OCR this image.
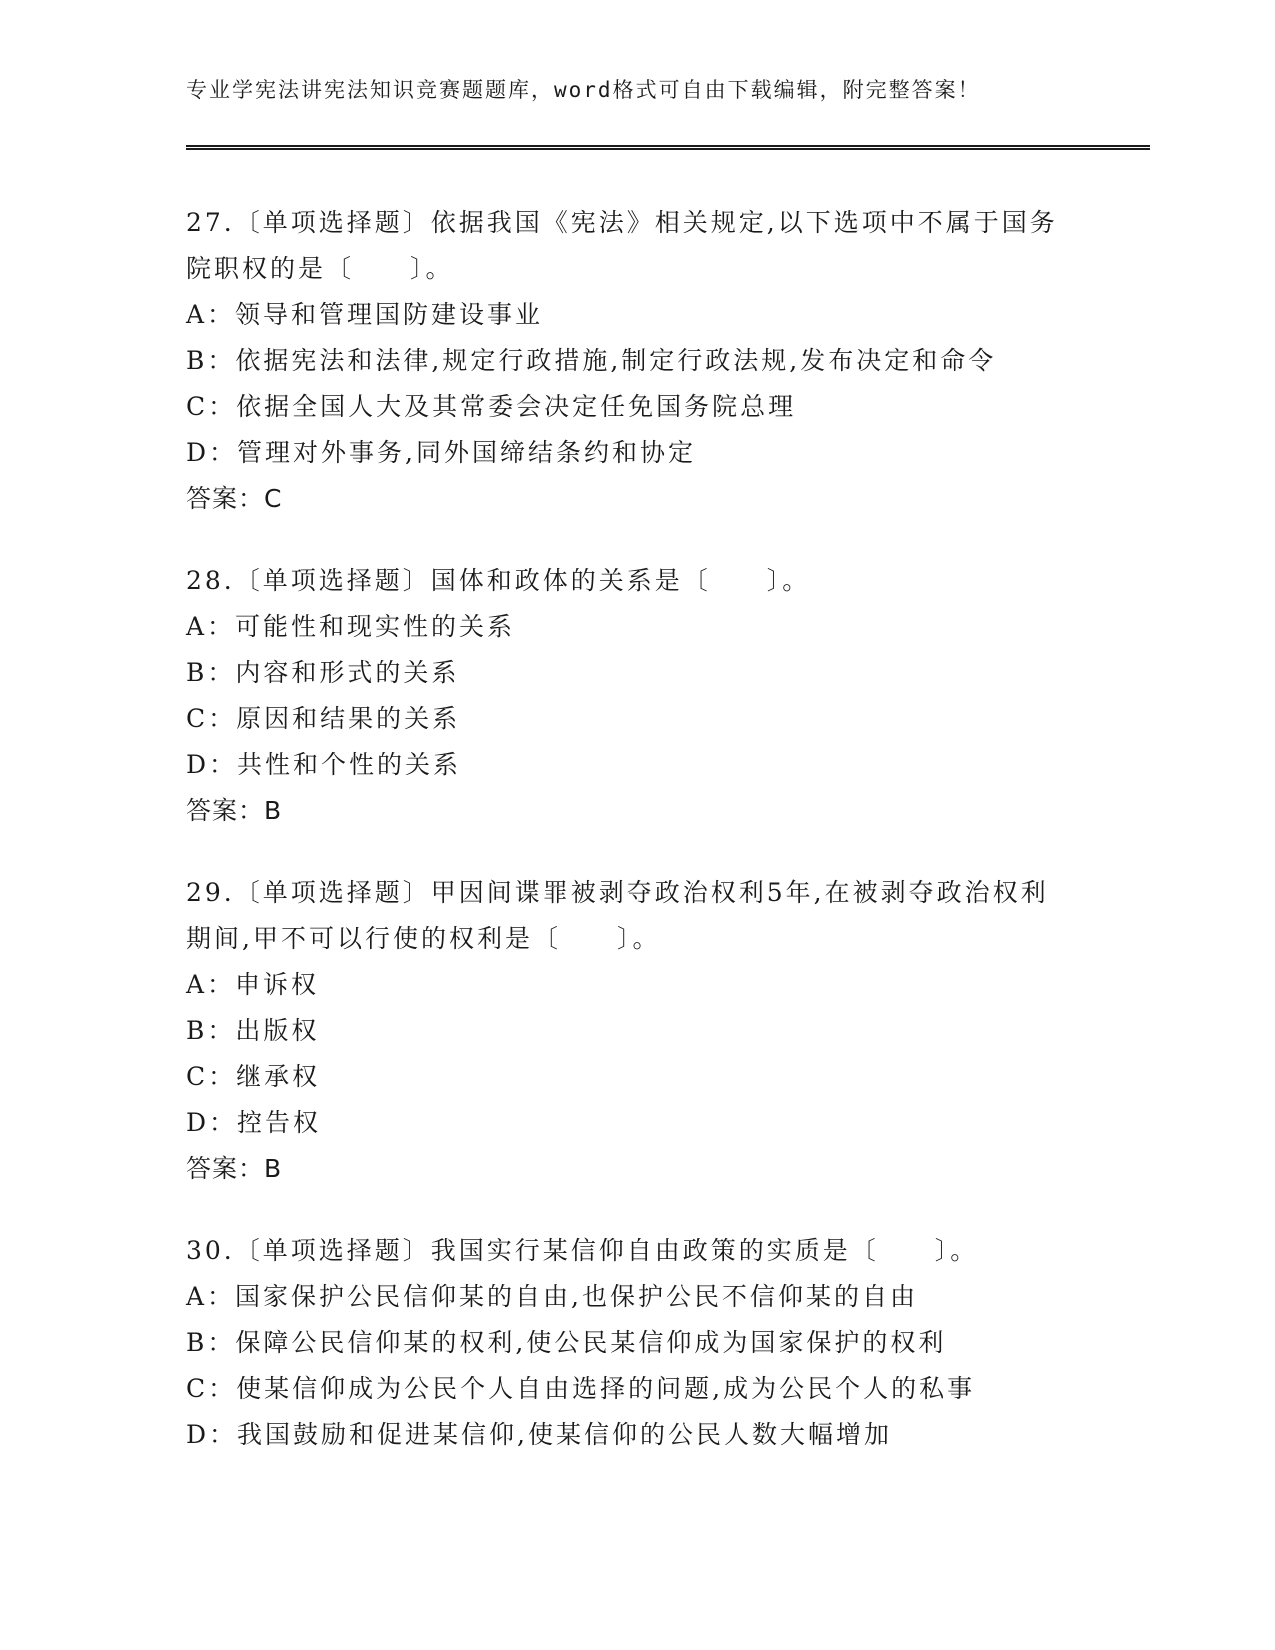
专业学宪法讲宪法知识竞赛题题库，word格式可自由下载编辑，附完整答案！

27.〔单项选择题〕依据我国《宪法》相关规定,以下选项中不属于国务院职权的是〔　　〕。

A：领导和管理国防建设事业

B：依据宪法和法律,规定行政措施,制定行政法规,发布决定和命令

C：依据全国人大及其常委会决定任免国务院总理

D：管理对外事务,同外国缔结条约和协定

答案：C

28.〔单项选择题〕国体和政体的关系是〔　　〕。

A：可能性和现实性的关系

B：内容和形式的关系

C：原因和结果的关系

D：共性和个性的关系

答案：B

29.〔单项选择题〕甲因间谍罪被剥夺政治权利5年,在被剥夺政治权利期间,甲不可以行使的权利是〔　　〕。

A：申诉权

B：出版权

C：继承权

D：控告权

答案：B

30.〔单项选择题〕我国实行某信仰自由政策的实质是〔　　〕。

A：国家保护公民信仰某的自由,也保护公民不信仰某的自由

B：保障公民信仰某的权利,使公民某信仰成为国家保护的权利

C：使某信仰成为公民个人自由选择的问题,成为公民个人的私事

D：我国鼓励和促进某信仰,使某信仰的公民人数大幅增加
